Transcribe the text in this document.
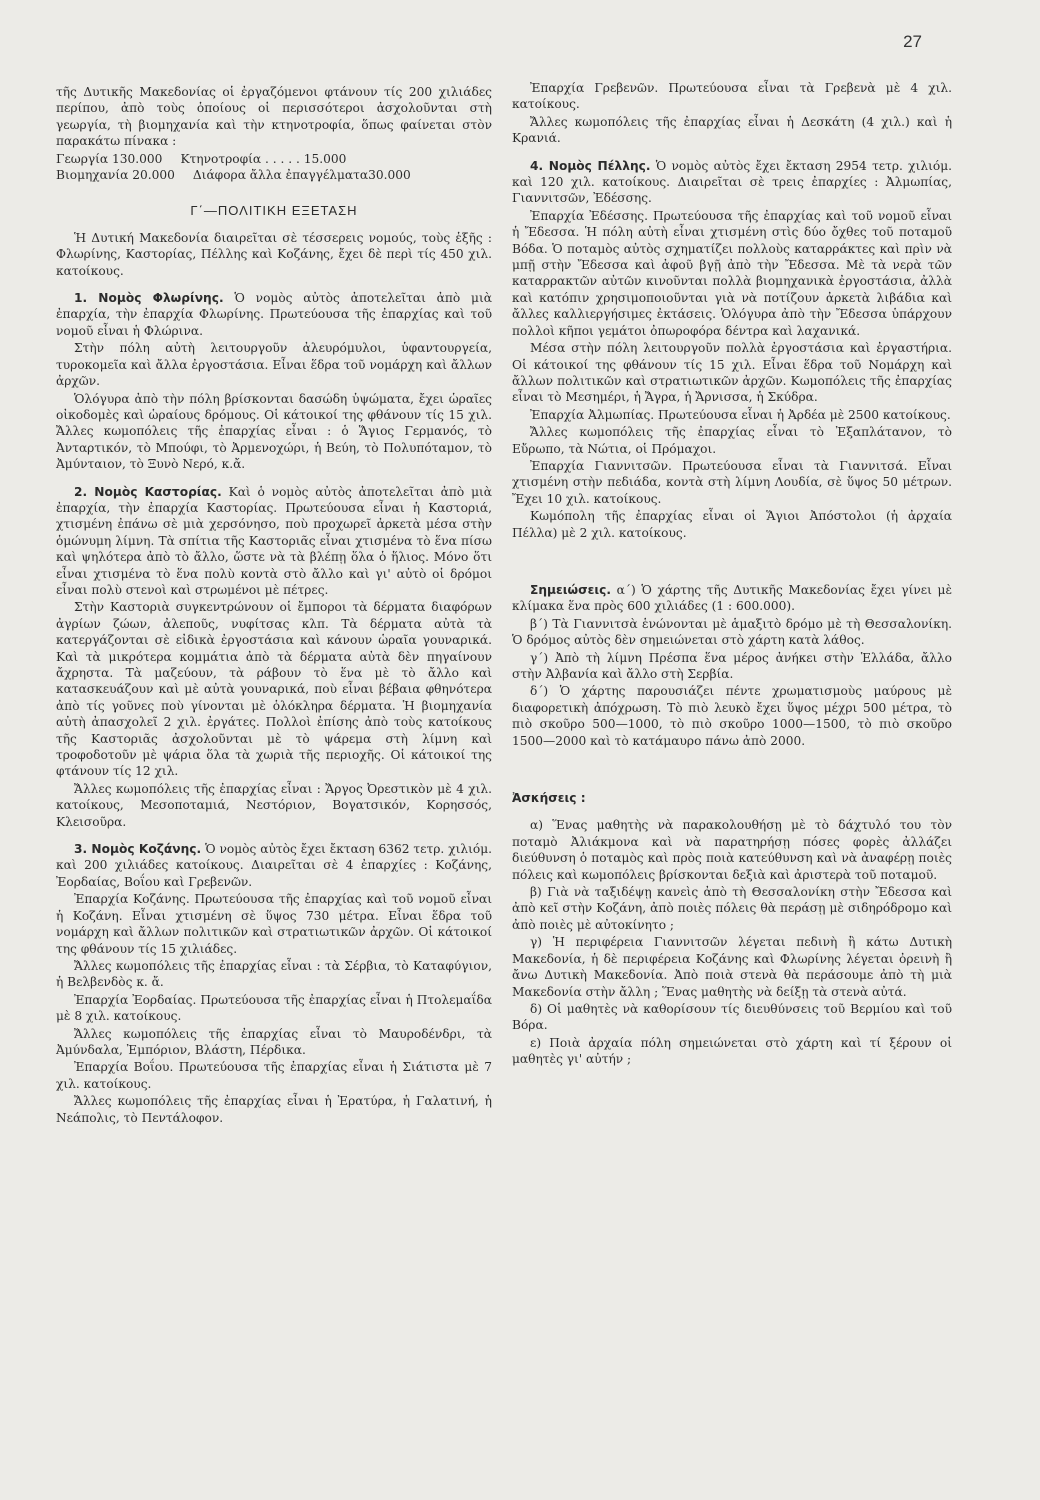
27

τῆς Δυτικῆς Μακεδονίας οἱ ἐργαζόμενοι φτάνουν τίς 200 χιλιάδες περίπου, ἀπὸ τοὺς ὁποίους οἱ περισσότεροι ἀσχολοῦνται στὴ γεωργία, τὴ βιομηχανία καὶ τὴν κτηνοτροφία, ὅπως φαίνεται στὸν παρακάτω πίνακα :

Γεωργία 130.000 Κτηνοτροφία . . . . . 15.000
Βιομηχανία 20.000 Διάφορα ἄλλα ἐπαγγέλματα30.000
Γ΄—ΠΟΛΙΤΙΚΗ ΕΞΕΤΑΣΗ

Ἡ Δυτική Μακεδονία διαιρεῖται σὲ τέσσερεις νομούς, τοὺς ἑξῆς : Φλωρίνης, Καστορίας, Πέλλης καὶ Κοζάνης, ἔχει δὲ περὶ τίς 450 χιλ. κατοίκους.

1. Νομὸς Φλωρίνης. Ὁ νομὸς αὐτὸς ἀποτελεῖται ἀπὸ μιὰ ἐπαρχία, τὴν ἐπαρχία Φλωρίνης. Πρωτεύουσα τῆς ἐπαρχίας καὶ τοῦ νομοῦ εἶναι ἡ Φλώρινα.

Στὴν πόλη αὐτὴ λειτουργοῦν ἀλευρόμυλοι, ὑφαντουργεία, τυροκομεῖα καὶ ἄλλα ἐργοστάσια. Εἶναι ἕδρα τοῦ νομάρχη καὶ ἄλλων ἀρχῶν.

Ὁλόγυρα ἀπὸ τὴν πόλη βρίσκονται δασώδη ὑψώματα, ἔχει ὡραῖες οἰκοδομὲς καὶ ὡραίους δρόμους. Οἱ κάτοικοί της φθάνουν τίς 15 χιλ. Ἄλλες κωμοπόλεις τῆς ἐπαρχίας εἶναι : ὁ Ἅγιος Γερμανός, τὸ Ἀνταρτικόν, τὸ Μπούφι, τὸ Ἀρμενοχώρι, ἡ Βεύη, τὸ Πολυπόταμον, τὸ Ἀμύνταιον, τὸ Ξυνὸ Νερό, κ.ἄ.

2. Νομὸς Καστορίας. Καὶ ὁ νομὸς αὐτὸς ἀποτελεῖται ἀπὸ μιὰ ἐπαρχία, τὴν ἐπαρχία Καστορίας. Πρωτεύουσα εἶναι ἡ Καστοριά, χτισμένη ἐπάνω σὲ μιὰ χερσόνησο, ποὺ προχωρεῖ ἀρκετὰ μέσα στὴν ὁμώνυμη λίμνη. Τὰ σπίτια τῆς Καστοριᾶς εἶναι χτισμένα τὸ ἕνα πίσω καὶ ψηλότερα ἀπὸ τὸ ἄλλο, ὥστε νὰ τὰ βλέπῃ ὅλα ὁ ἥλιος. Μόνο ὅτι εἶναι χτισμένα τὸ ἕνα πολὺ κοντὰ στὸ ἄλλο καὶ γι' αὐτὸ οἱ δρόμοι εἶναι πολὺ στενοὶ καὶ στρωμένοι μὲ πέτρες.

Στὴν Καστοριὰ συγκεντρώνουν οἱ ἔμποροι τὰ δέρματα διαφόρων ἀγρίων ζώων, ἀλεποῦς, νυφίτσας κλπ. Τὰ δέρματα αὐτὰ τὰ κατεργάζονται σὲ εἰδικὰ ἐργοστάσια καὶ κάνουν ὡραῖα γουναρικά. Καὶ τὰ μικρότερα κομμάτια ἀπὸ τὰ δέρματα αὐτὰ δὲν πηγαίνουν ἄχρηστα. Τὰ μαζεύουν, τὰ ράβουν τὸ ἕνα μὲ τὸ ἄλλο καὶ κατασκευάζουν καὶ μὲ αὐτὰ γουναρικά, ποὺ εἶναι βέβαια φθηνότερα ἀπὸ τίς γοῦνες ποὺ γίνονται μὲ ὁλόκληρα δέρματα. Ἡ βιομηχανία αὐτὴ ἀπασχολεῖ 2 χιλ. ἐργάτες. Πολλοὶ ἐπίσης ἀπὸ τοὺς κατοίκους τῆς Καστοριᾶς ἀσχολοῦνται μὲ τὸ ψάρεμα στὴ λίμνη καὶ τροφοδοτοῦν μὲ ψάρια ὅλα τὰ χωριὰ τῆς περιοχῆς. Οἱ κάτοικοί της φτάνουν τίς 12 χιλ.

Ἄλλες κωμοπόλεις τῆς ἐπαρχίας εἶναι : Ἄργος Ὀρεστικὸν μὲ 4 χιλ. κατοίκους, Μεσοποταμιά, Νεστόριον, Βογατσικόν, Κορησσός, Κλεισοῦρα.

3. Νομὸς Κοζάνης. Ὁ νομὸς αὐτὸς ἔχει ἔκταση 6362 τετρ. χιλιόμ. καὶ 200 χιλιάδες κατοίκους. Διαιρεῖται σὲ 4 ἐπαρχίες : Κοζάνης, Ἐορδαίας, Βοΐου καὶ Γρεβενῶν.

Ἐπαρχία Κοζάνης. Πρωτεύουσα τῆς ἐπαρχίας καὶ τοῦ νομοῦ εἶναι ἡ Κοζάνη. Εἶναι χτισμένη σὲ ὕψος 730 μέτρα. Εἶναι ἕδρα τοῦ νομάρχη καὶ ἄλλων πολιτικῶν καὶ στρατιωτικῶν ἀρχῶν. Οἱ κάτοικοί της φθάνουν τίς 15 χιλιάδες.

Ἄλλες κωμοπόλεις τῆς ἐπαρχίας εἶναι : τὰ Σέρβια, τὸ Καταφύγιον, ἡ Βελβενδὸς κ. ἄ.

Ἐπαρχία Ἐορδαίας. Πρωτεύουσα τῆς ἐπαρχίας εἶναι ἡ Πτολεμαΐδα μὲ 8 χιλ. κατοίκους.

Ἄλλες κωμοπόλεις τῆς ἐπαρχίας εἶναι τὸ Μαυροδένδρι, τὰ Ἀμύνδαλα, Ἐμπόριον, Βλάστη, Πέρδικα.

Ἐπαρχία Βοΐου. Πρωτεύουσα τῆς ἐπαρχίας εἶναι ἡ Σιάτιστα μὲ 7 χιλ. κατοίκους.

Ἄλλες κωμοπόλεις τῆς ἐπαρχίας εἶναι ἡ Ἐρατύρα, ἡ Γαλατινή, ἡ Νεάπολις, τὸ Πεντάλοφον.

Ἐπαρχία Γρεβενῶν. Πρωτεύουσα εἶναι τὰ Γρεβενὰ μὲ 4 χιλ. κατοίκους.

Ἄλλες κωμοπόλεις τῆς ἐπαρχίας εἶναι ἡ Δεσκάτη (4 χιλ.) καὶ ἡ Κρανιά.

4. Νομὸς Πέλλης. Ὁ νομὸς αὐτὸς ἔχει ἔκταση 2954 τετρ. χιλιόμ. καὶ 120 χιλ. κατοίκους. Διαιρεῖται σὲ τρεις ἐπαρχίες : Ἀλμωπίας, Γιαννιτσῶν, Ἐδέσσης.

Ἐπαρχία Ἐδέσσης. Πρωτεύουσα τῆς ἐπαρχίας καὶ τοῦ νομοῦ εἶναι ἡ Ἔδεσσα. Ἡ πόλη αὐτὴ εἶναι χτισμένη στὶς δύο ὄχθες τοῦ ποταμοῦ Βόδα. Ὁ ποταμὸς αὐτὸς σχηματίζει πολλοὺς καταρράκτες καὶ πρὶν νὰ μπῇ στὴν Ἔδεσσα καὶ ἀφοῦ βγῇ ἀπὸ τὴν Ἔδεσσα. Μὲ τὰ νερὰ τῶν καταρρακτῶν αὐτῶν κινοῦνται πολλὰ βιομηχανικὰ ἐργοστάσια, ἀλλὰ καὶ κατόπιν χρησιμοποιοῦνται γιὰ νὰ ποτίζουν ἀρκετὰ λιβάδια καὶ ἄλλες καλλιεργήσιμες ἐκτάσεις. Ὁλόγυρα ἀπὸ τὴν Ἔδεσσα ὑπάρχουν πολλοὶ κῆποι γεμάτοι ὀπωροφόρα δέντρα καὶ λαχανικά.

Μέσα στὴν πόλη λειτουργοῦν πολλὰ ἐργοστάσια καὶ ἐργαστήρια. Οἱ κάτοικοί της φθάνουν τίς 15 χιλ. Εἶναι ἕδρα τοῦ Νομάρχη καὶ ἄλλων πολιτικῶν καὶ στρατιωτικῶν ἀρχῶν. Κωμοπόλεις τῆς ἐπαρχίας εἶναι τὸ Μεσημέρι, ἡ Ἄγρα, ἡ Ἄρνισσα, ἡ Σκύδρα.

Ἐπαρχία Ἀλμωπίας. Πρωτεύουσα εἶναι ἡ Ἀρδέα μὲ 2500 κατοίκους.

Ἄλλες κωμοπόλεις τῆς ἐπαρχίας εἶναι τὸ Ἐξαπλάτανον, τὸ Εὔρωπο, τὰ Νώτια, οἱ Πρόμαχοι.

Ἐπαρχία Γιαννιτσῶν. Πρωτεύουσα εἶναι τὰ Γιαννιτσά. Εἶναι χτισμένη στὴν πεδιάδα, κοντὰ στὴ λίμνη Λουδία, σὲ ὕψος 50 μέτρων. Ἔχει 10 χιλ. κατοίκους.

Κωμόπολη τῆς ἐπαρχίας εἶναι οἱ Ἅγιοι Ἀπόστολοι (ἡ ἀρχαία Πέλλα) μὲ 2 χιλ. κατοίκους.

Σημειώσεις. α΄) Ὁ χάρτης τῆς Δυτικῆς Μακεδονίας ἔχει γίνει μὲ κλίμακα ἕνα πρὸς 600 χιλιάδες (1 : 600.000).

β΄) Τὰ Γιαννιτσὰ ἑνώνονται μὲ ἁμαξιτὸ δρόμο μὲ τὴ Θεσσαλονίκη. Ὁ δρόμος αὐτὸς δὲν σημειώνεται στὸ χάρτη κατὰ λάθος.

γ΄) Ἀπὸ τὴ λίμνη Πρέσπα ἕνα μέρος ἀνήκει στὴν Ἑλλάδα, ἄλλο στὴν Ἀλβανία καὶ ἄλλο στὴ Σερβία.

δ΄) Ὁ χάρτης παρουσιάζει πέντε χρωματισμοὺς μαύρους μὲ διαφορετικὴ ἀπόχρωση. Τὸ πιὸ λευκὸ ἔχει ὕψος μέχρι 500 μέτρα, τὸ πιὸ σκοῦρο 500—1000, τὸ πιὸ σκοῦρο 1000—1500, τὸ πιὸ σκοῦρο 1500—2000 καὶ τὸ κατάμαυρο πάνω ἀπὸ 2000.

Ἀσκήσεις :

α) Ἕνας μαθητὴς νὰ παρακολουθήσῃ μὲ τὸ δάχτυλό του τὸν ποταμὸ Ἀλιάκμονα καὶ νὰ παρατηρήσῃ πόσες φορὲς ἀλλάζει διεύθυνση ὁ ποταμὸς καὶ πρὸς ποιὰ κατεύθυνση καὶ νὰ ἀναφέρῃ ποιὲς πόλεις καὶ κωμοπόλεις βρίσκονται δεξιὰ καὶ ἀριστερὰ τοῦ ποταμοῦ.

β) Γιὰ νὰ ταξιδέψῃ κανεὶς ἀπὸ τὴ Θεσσαλονίκη στὴν Ἔδεσσα καὶ ἀπὸ κεῖ στὴν Κοζάνη, ἀπὸ ποιὲς πόλεις θὰ περάσῃ μὲ σιδηρόδρομο καὶ ἀπὸ ποιὲς μὲ αὐτοκίνητο ;

γ) Ἡ περιφέρεια Γιαννιτσῶν λέγεται πεδινὴ ἢ κάτω Δυτικὴ Μακεδονία, ἡ δὲ περιφέρεια Κοζάνης καὶ Φλωρίνης λέγεται ὀρεινὴ ἢ ἄνω Δυτικὴ Μακεδονία. Ἀπὸ ποιὰ στενὰ θὰ περάσουμε ἀπὸ τὴ μιὰ Μακεδονία στὴν ἄλλη ; Ἕνας μαθητὴς νὰ δείξῃ τὰ στενὰ αὐτά.

δ) Οἱ μαθητὲς νὰ καθορίσουν τίς διευθύνσεις τοῦ Βερμίου καὶ τοῦ Βόρα.

ε) Ποιὰ ἀρχαία πόλη σημειώνεται στὸ χάρτη καὶ τί ξέρουν οἱ μαθητὲς γι' αὐτήν ;
